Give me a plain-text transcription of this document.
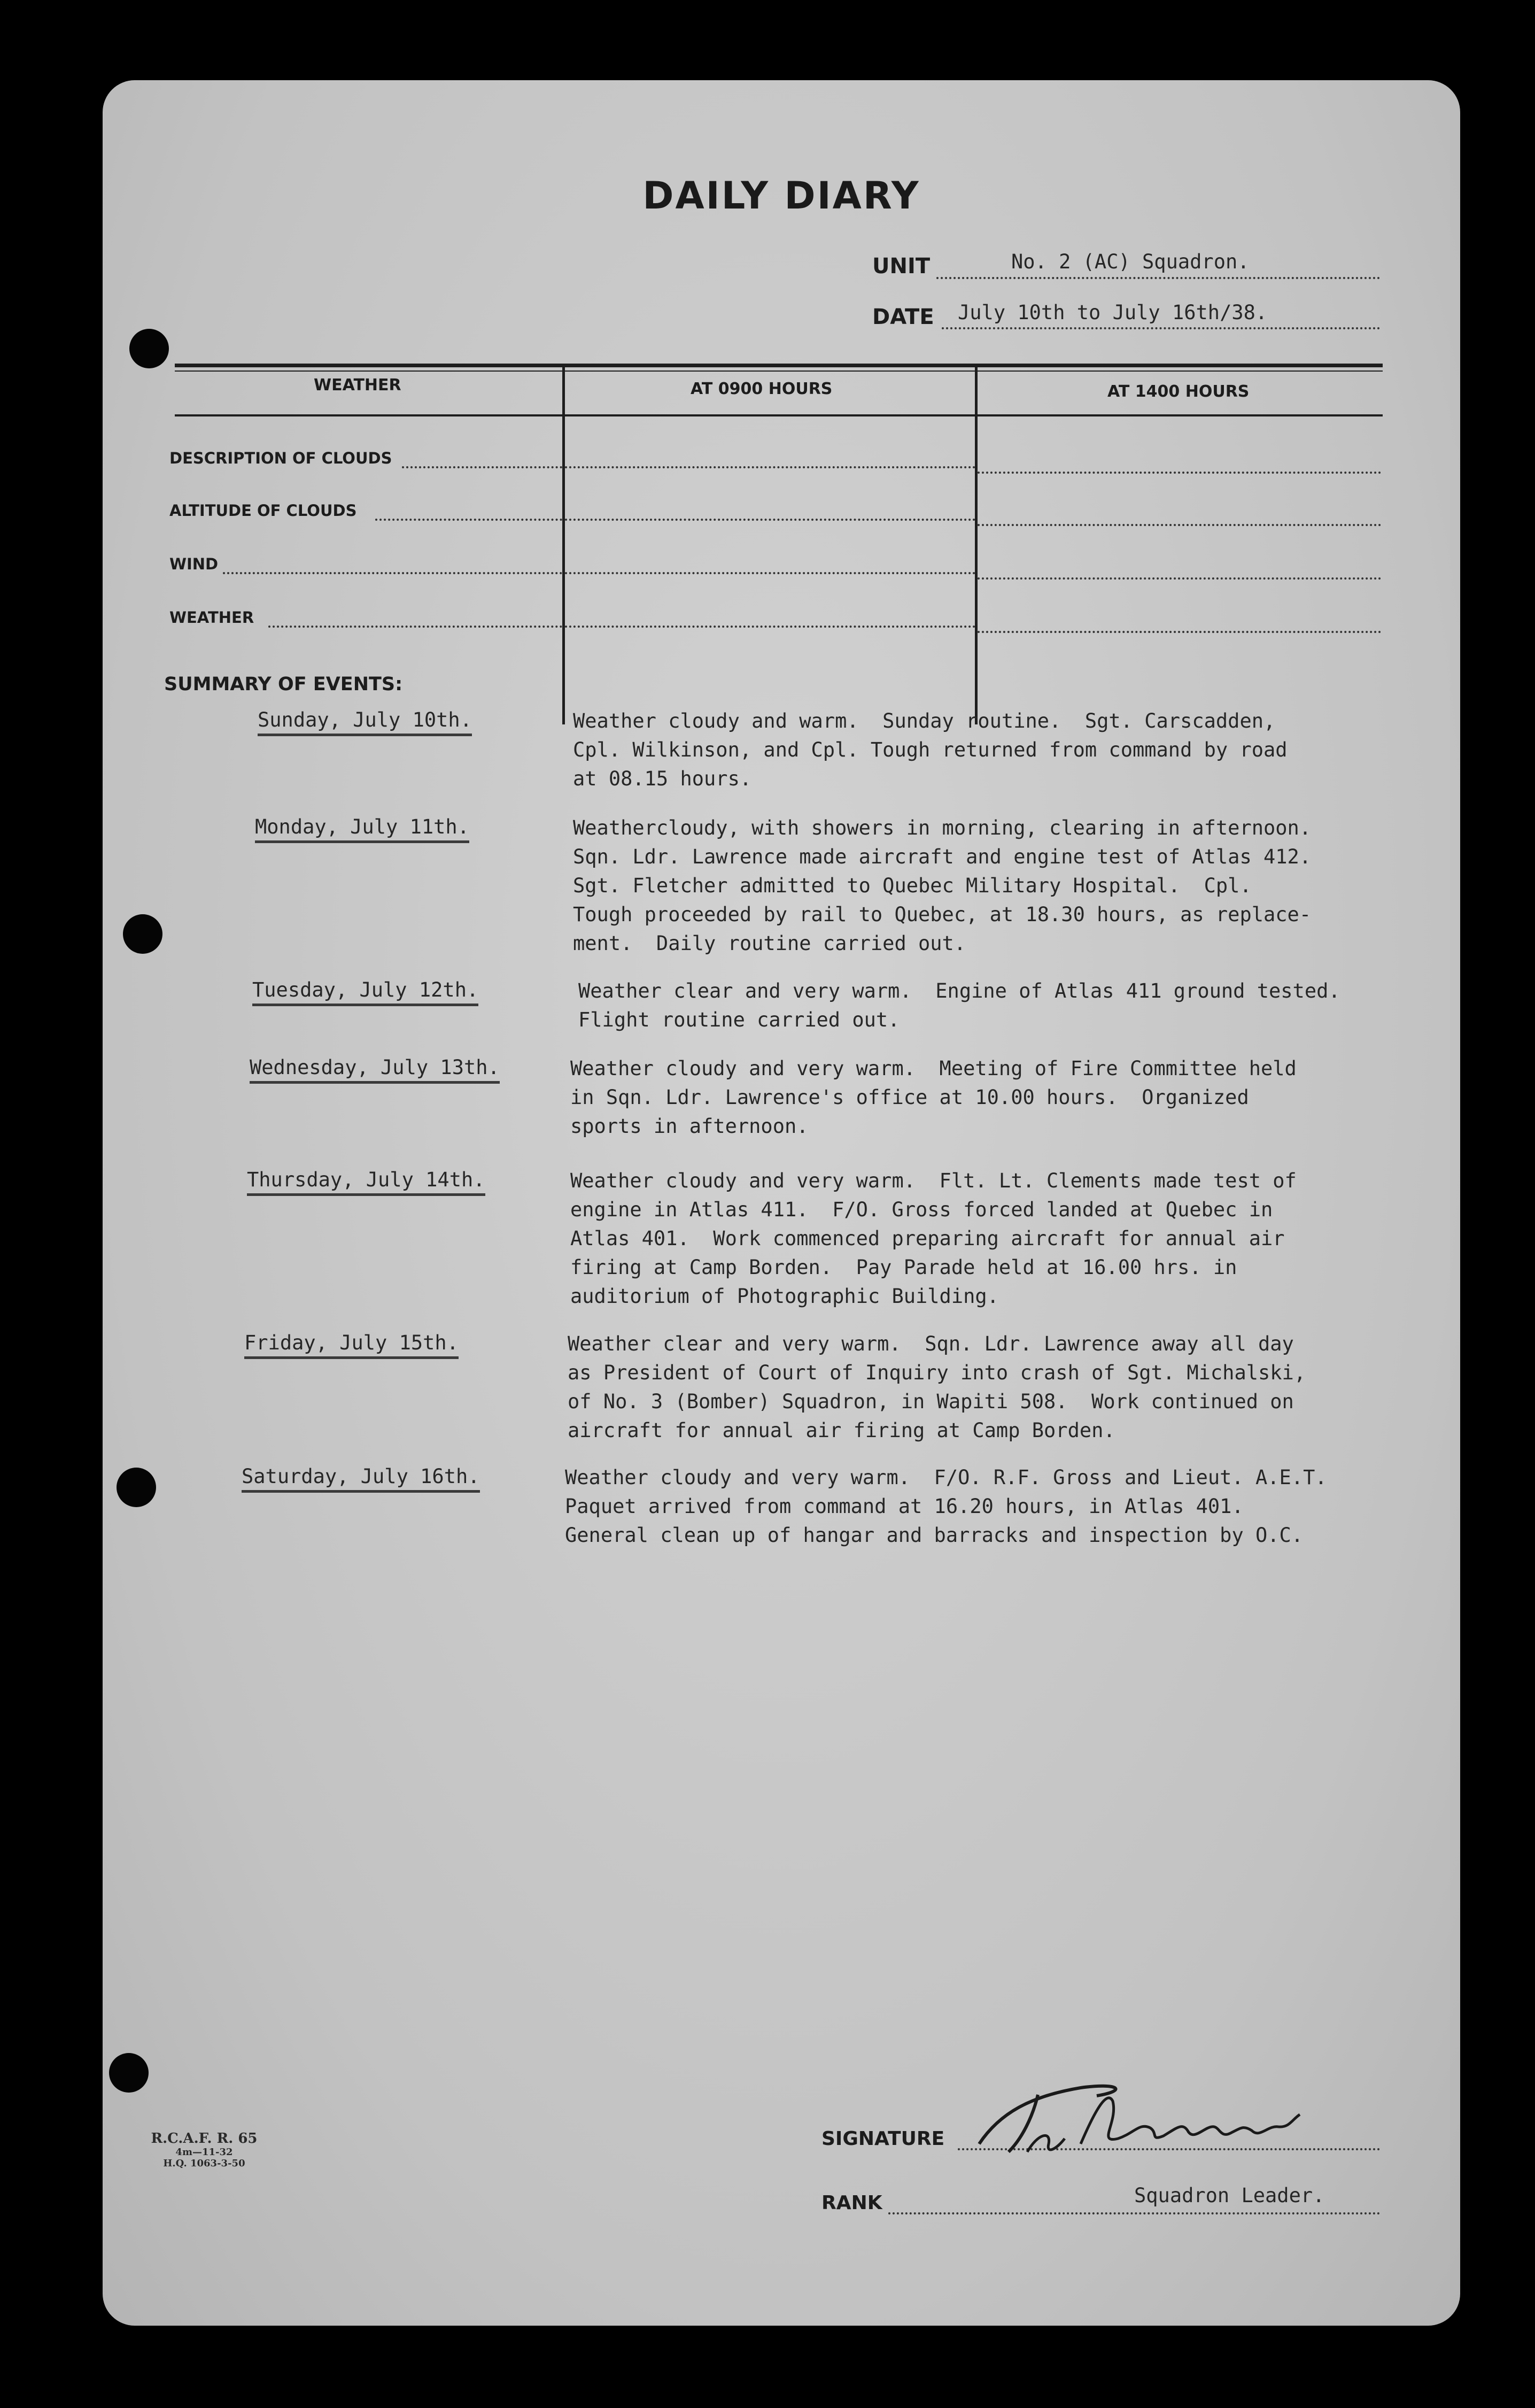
DAILY DIARY
UNIT	No. 2 (AC) Squadron.
DATE July 10th to July 16th/38.
WEATHER	AT 0900 HOURS	AT 1400 HOURS
DESCRIPTION OF CLOUDS
ALTITUDE OF CLOUDS
WIND
WEATHER
SUMMARY OF EVENTS:
Sunday, July 10th.	Weather cloudy and warm.  Sunday routine.  Sgt. Carscadden,
Cpl. Wilkinson, and Cpl. Tough returned from command by road
at 08.15 hours.
Monday, July 11th.	Weathercloudy, with showers in morning, clearing in afternoon.
Sqn. Ldr. Lawrence made aircraft and engine test of Atlas 412.
Sgt. Fletcher admitted to Quebec Military Hospital.  Cpl.
Tough proceeded by rail to Quebec, at 18.30 hours, as replace-
ment.  Daily routine carried out.
Tuesday, July 12th.	Weather clear and very warm.  Engine of Atlas 411 ground tested.
Flight routine carried out.
Wednesday, July 13th.	Weather cloudy and very warm.  Meeting of Fire Committee held
in Sqn. Ldr. Lawrence's office at 10.00 hours.  Organized
sports in afternoon.
Thursday, July 14th.	Weather cloudy and very warm.  Flt. Lt. Clements made test of
engine in Atlas 411.  F/O. Gross forced landed at Quebec in
Atlas 401.  Work commenced preparing aircraft for annual air
firing at Camp Borden.  Pay Parade held at 16.00 hrs. in
auditorium of Photographic Building.
Friday, July 15th.	Weather clear and very warm.  Sqn. Ldr. Lawrence away all day
as President of Court of Inquiry into crash of Sgt. Michalski,
of No. 3 (Bomber) Squadron, in Wapiti 508.  Work continued on
aircraft for annual air firing at Camp Borden.
Saturday, July 16th.	Weather cloudy and very warm.  F/O. R.F. Gross and Lieut. A.E.T.
Paquet arrived from command at 16.20 hours, in Atlas 401.
General clean up of hangar and barracks and inspection by O.C.
R.C.A.F. R. 65
4m—11-32
H.Q. 1063-3-50
SIGNATURE
RANK	Squadron Leader.
